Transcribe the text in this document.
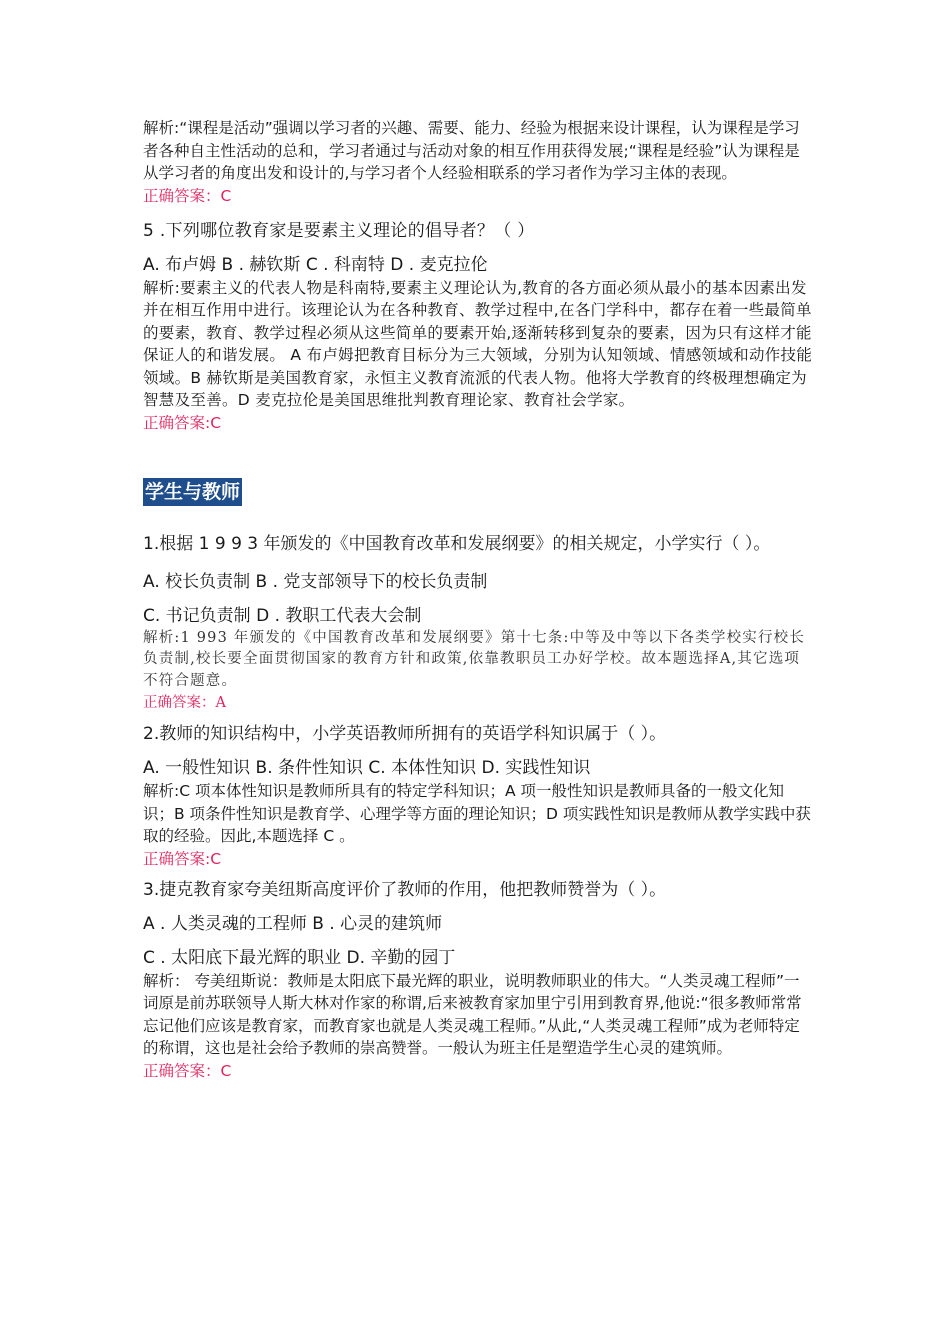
解析:“课程是活动”强调以学习者的兴趣、需要、能力、经验为根据来设计课程，认为课程是学习者各种自主性活动的总和，学习者通过与活动对象的相互作用获得发展;“课程是经验”认为课程是从学习者的角度出发和设计的,与学习者个人经验相联系的学习者作为学习主体的表现。

正确答案：C

5 .下列哪位教育家是要素主义理论的倡导者？（ ）

A. 布卢姆 B . 赫钦斯 C . 科南特 D . 麦克拉伦

解析:要素主义的代表人物是科南特,要素主义理论认为,教育的各方面必须从最小的基本因素出发并在相互作用中进行。该理论认为在各种教育、教学过程中,在各门学科中，都存在着一些最简单的要素，教育、教学过程必须从这些简单的要素开始,逐渐转移到复杂的要素，因为只有这样才能保证人的和谐发展。 A 布卢姆把教育目标分为三大领域，分别为认知领域、情感领域和动作技能领域。B 赫钦斯是美国教育家，永恒主义教育流派的代表人物。他将大学教育的终极理想确定为智慧及至善。D 麦克拉伦是美国思维批判教育理论家、教育社会学家。

正确答案:C

学生与教师

1.根据 1 9 9 3 年颁发的《中国教育改革和发展纲要》的相关规定，小学实行（ ）。

A. 校长负责制 B . 党支部领导下的校长负责制

C. 书记负责制 D . 教职工代表大会制

解析:1 993 年颁发的《中国教育改革和发展纲要》第十七条:中等及中等以下各类学校实行校长负责制,校长要全面贯彻国家的教育方针和政策,依靠教职员工办好学校。故本题选择A,其它选项不符合题意。

正确答案：A

2.教师的知识结构中，小学英语教师所拥有的英语学科知识属于（ ）。

A. 一般性知识 B. 条件性知识 C. 本体性知识 D. 实践性知识

解析:C 项本体性知识是教师所具有的特定学科知识；A 项一般性知识是教师具备的一般文化知识；B 项条件性知识是教育学、心理学等方面的理论知识；D 项实践性知识是教师从教学实践中获取的经验。因此,本题选择 C 。

正确答案:C

3.捷克教育家夸美纽斯高度评价了教师的作用，他把教师赞誉为（ ）。

A . 人类灵魂的工程师 B . 心灵的建筑师

C . 太阳底下最光辉的职业 D. 辛勤的园丁

解析： 夸美纽斯说：教师是太阳底下最光辉的职业，说明教师职业的伟大。“人类灵魂工程师”一词原是前苏联领导人斯大林对作家的称谓,后来被教育家加里宁引用到教育界,他说:“很多教师常常忘记他们应该是教育家，而教育家也就是人类灵魂工程师。”从此,“人类灵魂工程师”成为老师特定的称谓，这也是社会给予教师的崇高赞誉。一般认为班主任是塑造学生心灵的建筑师。

正确答案：C
